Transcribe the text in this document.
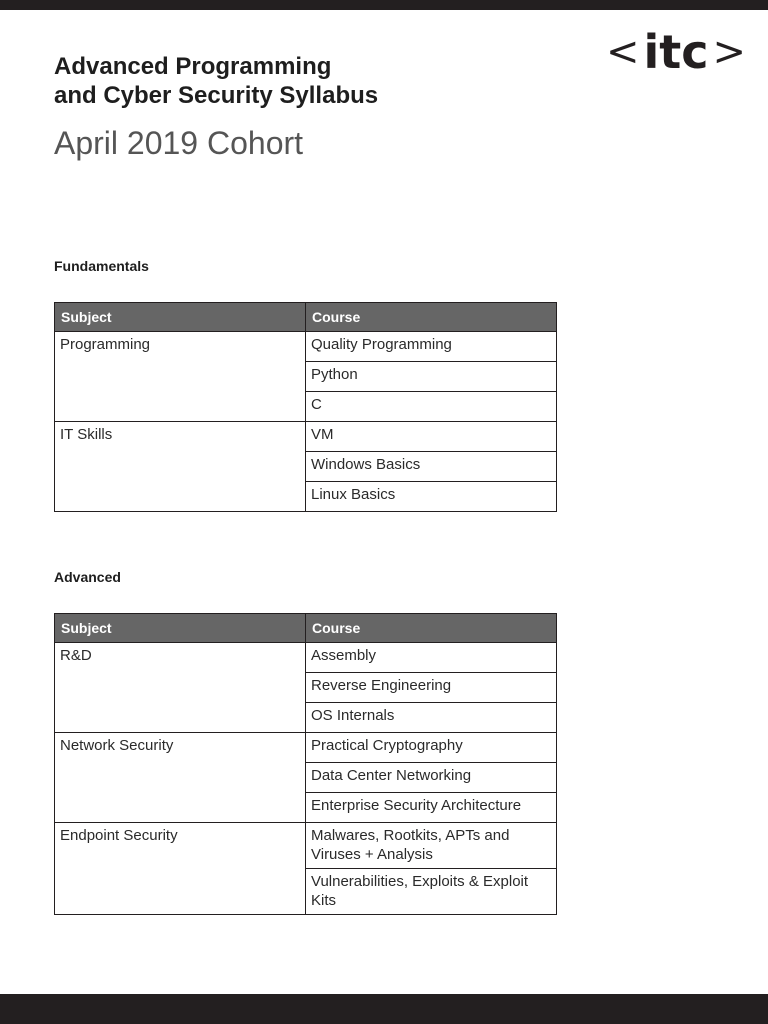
Advanced Programming
and Cyber Security Syllabus
April 2019 Cohort
< itc >
Fundamentals
Subject	Course
Programming	Quality Programming
	Python
	C
IT Skills	VM
	Windows Basics
	Linux Basics
Advanced
Subject	Course
R&D	Assembly
	Reverse Engineering
	OS Internals
Network Security	Practical Cryptography
	Data Center Networking
	Enterprise Security Architecture
Endpoint Security	Malwares, Rootkits, APTs and Viruses + Analysis
	Vulnerabilities, Exploits & Exploit Kits
